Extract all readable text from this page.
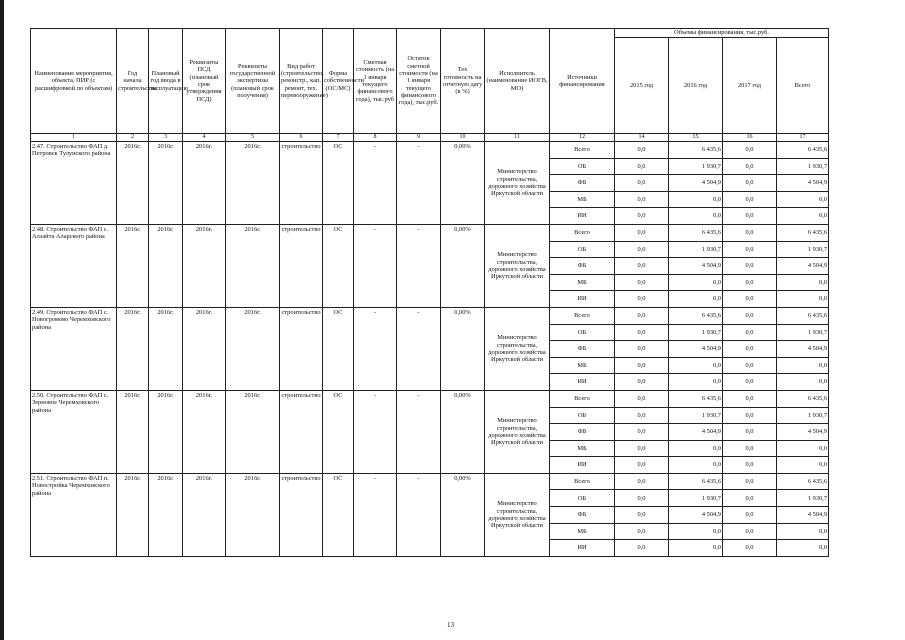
Наименование мероприятия, объекта, ПИР (с расшифровкой по объектам)	Год начала строительства	Плановый год ввода в эксплуатацию	Реквизиты ПСД (плановый срок утверждения ПСД)	Реквизиты государственной экспертизы (плановый срок получения)	Вид работ (строительство, реконстр., кап. ремонт, тех. перевооружение)	Форма собственности (ОС/МС)	Сметная стоимость (на 1 января текущего финансового года), тыс.руб	Остаток сметной стоимости (на 1 января текущего финансового года), тыс.руб.	Тех готовность на отчетную дату (в %)	Исполнитель (наименование ИОГВ, МО)	Источники финансирования	Объемы финансирования, тыс.руб.			
												2015 год	2016 год	2017 год	Всего
1	2	3	4	5	6	7	8	9	10	11	12	14	15	16	17
2.47. Строительство ФАП д. Петровск Тулунского района	2016г.	2016г.	2016г.	2016г.	строительство	ОС	-	-	0,00%	Министерство строительства, дорожного хозяйства Иркутской области	Всего	0,0	6 435,6	0,0	6 435,6
											ОБ	0,0	1 930,7	0,0	1 930,7
											ФБ	0,0	4 504,9	0,0	4 504,9
											МБ	0,0	0,0	0,0	0,0
											ИИ	0,0	0,0	0,0	0,0
2.48. Строительство ФАП с. Алзайта Аларского района	2016г.	2016г.	2016г.	2016г.	строительство	ОС	-	-	0,00%	Министерство строительства, дорожного хозяйства Иркутской области	Всего	0,0	6 435,6	0,0	6 435,6
											ОБ	0,0	1 930,7	0,0	1 930,7
											ФБ	0,0	4 504,9	0,0	4 504,9
											МБ	0,0	0,0	0,0	0,0
											ИИ	0,0	0,0	0,0	0,0
2.49. Строительство ФАП с. Новогромово Черемховского района	2016г.	2016г.	2016г.	2016г.	строительство	ОС	-	-	0,00%	Министерство строительства, дорожного хозяйства Иркутской области	Всего	0,0	6 435,6	0,0	6 435,6
											ОБ	0,0	1 930,7	0,0	1 930,7
											ФБ	0,0	4 504,9	0,0	4 504,9
											МБ	0,0	0,0	0,0	0,0
											ИИ	0,0	0,0	0,0	0,0
2.50. Строительство ФАП с. Зерновое Черемховского района	2016г.	2016г.	2016г.	2016г.	строительство	ОС	-	-	0,00%	Министерство строительства, дорожного хозяйства Иркутской области	Всего	0,0	6 435,6	0,0	6 435,6
											ОБ	0,0	1 930,7	0,0	1 930,7
											ФБ	0,0	4 504,9	0,0	4 504,9
											МБ	0,0	0,0	0,0	0,0
											ИИ	0,0	0,0	0,0	0,0
2.51. Строительство ФАП п. Новостройка Черемховского района	2016г.	2016г.	2016г.	2016г.	строительство	ОС	-	-	0,00%	Министерство строительства, дорожного хозяйства Иркутской области	Всего	0,0	6 435,6	0,0	6 435,6
											ОБ	0,0	1 930,7	0,0	1 930,7
											ФБ	0,0	4 504,9	0,0	4 504,9
											МБ	0,0	0,0	0,0	0,0
											ИИ	0,0	0,0	0,0	0,0
13
